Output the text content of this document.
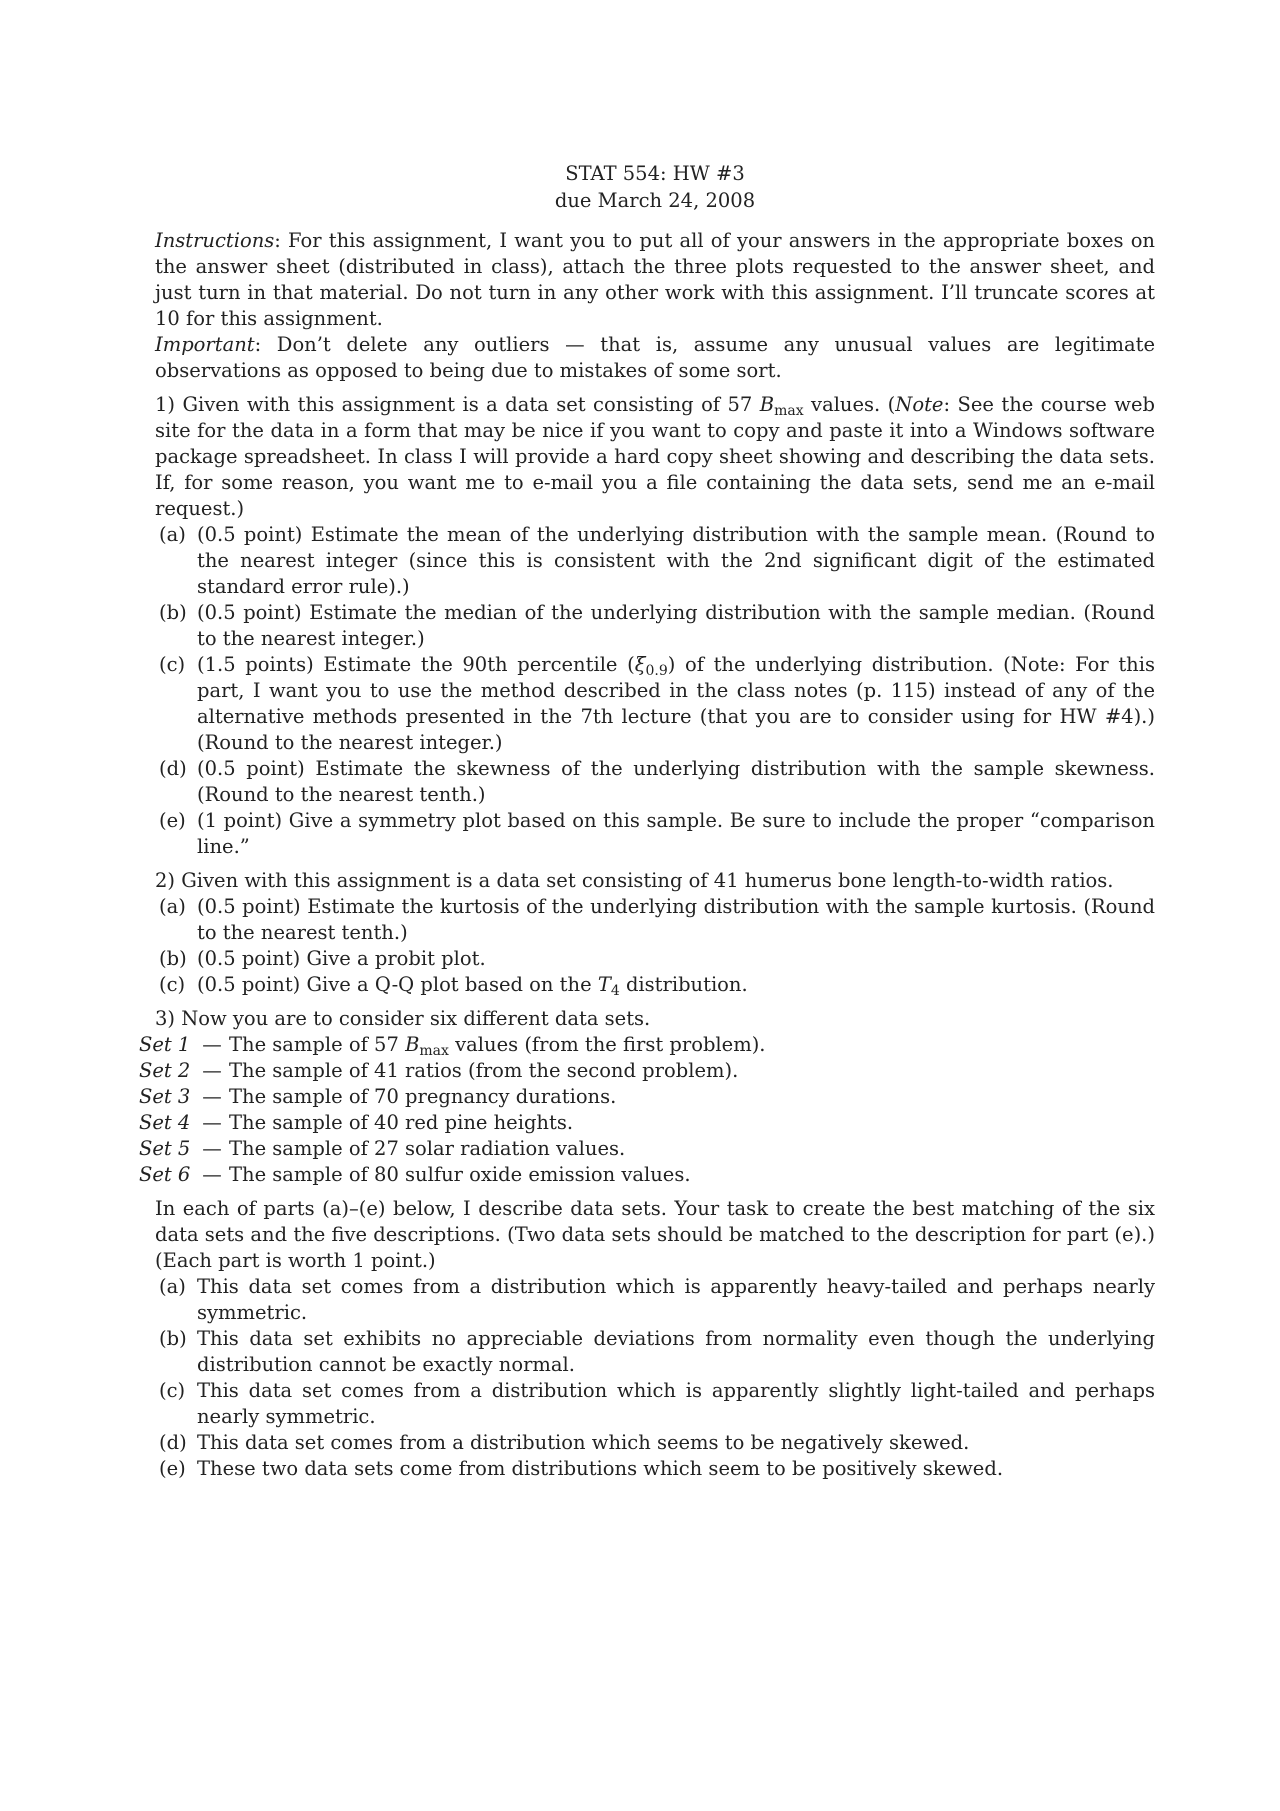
STAT 554: HW #3
due March 24, 2008

Instructions: For this assignment, I want you to put all of your answers in the appropriate boxes on the answer sheet (distributed in class), attach the three plots requested to the answer sheet, and just turn in that material. Do not turn in any other work with this assignment. I’ll truncate scores at 10 for this assignment.

Important: Don’t delete any outliers — that is, assume any unusual values are legitimate observations as opposed to being due to mistakes of some sort.

1) Given with this assignment is a data set consisting of 57 $B_{max}$ values. (Note: See the course web site for the data in a form that may be nice if you want to copy and paste it into a Windows software package spreadsheet. In class I will provide a hard copy sheet showing and describing the data sets. If, for some reason, you want me to e-mail you a file containing the data sets, send me an e-mail request.)

(a) (0.5 point) Estimate the mean of the underlying distribution with the sample mean. (Round to the nearest integer (since this is consistent with the 2nd significant digit of the estimated standard error rule).)
(b) (0.5 point) Estimate the median of the underlying distribution with the sample median. (Round to the nearest integer.)
(c) (1.5 points) Estimate the 90th percentile $(\xi_{0.9})$ of the underlying distribution. (Note: For this part, I want you to use the method described in the class notes (p. 115) instead of any of the alternative methods presented in the 7th lecture (that you are to consider using for HW #4).) (Round to the nearest integer.)
(d) (0.5 point) Estimate the skewness of the underlying distribution with the sample skewness. (Round to the nearest tenth.)
(e) (1 point) Give a symmetry plot based on this sample. Be sure to include the proper “comparison line.”

2) Given with this assignment is a data set consisting of 41 humerus bone length-to-width ratios.

(a) (0.5 point) Estimate the kurtosis of the underlying distribution with the sample kurtosis. (Round to the nearest tenth.)
(b) (0.5 point) Give a probit plot.
(c) (0.5 point) Give a Q-Q plot based on the $T_4$ distribution.

3) Now you are to consider six different data sets.

Set 1 — The sample of 57 $B_{max}$ values (from the first problem).
Set 2 — The sample of 41 ratios (from the second problem).
Set 3 — The sample of 70 pregnancy durations.
Set 4 — The sample of 40 red pine heights.
Set 5 — The sample of 27 solar radiation values.
Set 6 — The sample of 80 sulfur oxide emission values.

In each of parts (a)–(e) below, I describe data sets. Your task to create the best matching of the six data sets and the five descriptions. (Two data sets should be matched to the description for part (e).) (Each part is worth 1 point.)

(a) This data set comes from a distribution which is apparently heavy-tailed and perhaps nearly symmetric.
(b) This data set exhibits no appreciable deviations from normality even though the underlying distribution cannot be exactly normal.
(c) This data set comes from a distribution which is apparently slightly light-tailed and perhaps nearly symmetric.
(d) This data set comes from a distribution which seems to be negatively skewed.
(e) These two data sets come from distributions which seem to be positively skewed.
